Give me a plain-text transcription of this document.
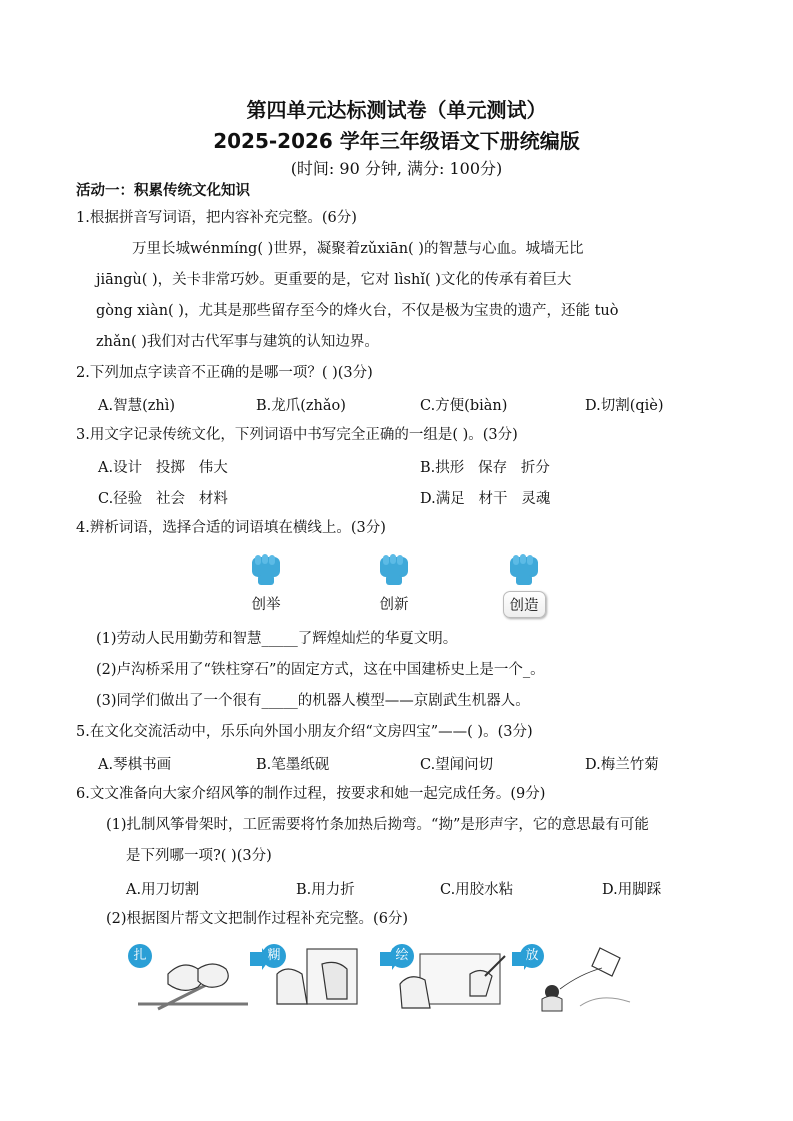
第四单元达标测试卷（单元测试）
2025-2026 学年三年级语文下册统编版
(时间: 90 分钟, 满分: 100分)
活动一：积累传统文化知识
1.根据拼音写词语，把内容补充完整。(6分)
万里长城wénmíng( )世界，凝聚着zǔxiān( )的智慧与心血。城墙无比
jiāngù( )，关卡非常巧妙。更重要的是，它对 lìshǐ( )文化的传承有着巨大
gòng xiàn( )，尤其是那些留存至今的烽火台，不仅是极为宝贵的遗产，还能 tuò
zhǎn( )我们对古代军事与建筑的认知边界。
2.下列加点字读音不正确的是哪一项？( )(3分)
A.智慧(zhì)	B.龙爪(zhǎo)	C.方便(biàn)	D.切割(qiè)
3.用文字记录传统文化，下列词语中书写完全正确的一组是( )。(3分)
A.设计   投掷   伟大	B.拱形   保存   折分
C.径验   社会   材料	D.满足   材干   灵魂
4.辨析词语，选择合适的词语填在横线上。(3分)
创举	创新	创造
(1)劳动人民用勤劳和智慧_____了辉煌灿烂的华夏文明。
(2)卢沟桥采用了“铁柱穿石”的固定方式，这在中国建桥史上是一个_。
(3)同学们做出了一个很有_____的机器人模型——京剧武生机器人。
5.在文化交流活动中，乐乐向外国小朋友介绍“文房四宝”——( )。(3分)
A.琴棋书画	B.笔墨纸砚	C.望闻问切	D.梅兰竹菊
6.文文准备向大家介绍风筝的制作过程，按要求和她一起完成任务。(9分)
(1)扎制风筝骨架时，工匠需要将竹条加热后拗弯。“拗”是形声字，它的意思最有可能
是下列哪一项?( )(3分)
A.用刀切割	B.用力折	C.用胶水粘	D.用脚踩
(2)根据图片帮文文把制作过程补充完整。(6分)
扎	糊	绘	放
